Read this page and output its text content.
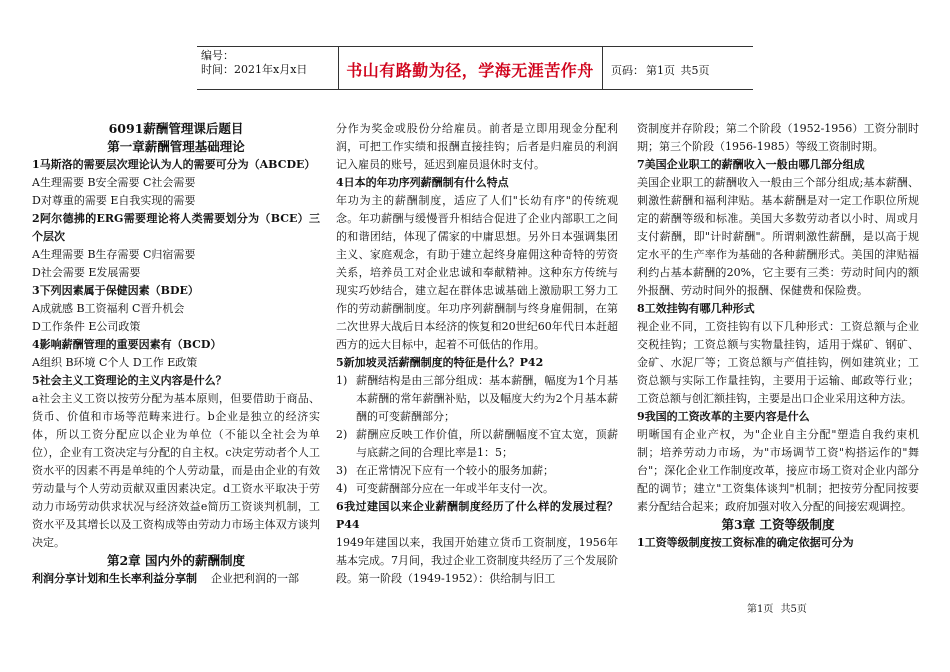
编号：
时间：2021年x月x日	书山有路勤为径，学海无涯苦作舟	页码： 第1页 共5页

6091薪酬管理课后题目

第一章薪酬管理基础理论

1马斯洛的需要层次理论认为人的需要可分为（ABCDE）

A生理需要 B安全需要 C社会需要

D对尊重的需要 E自我实现的需要

2阿尔德拂的ERG需要理论将人类需要划分为（BCE）三个层次

A生理需要 B生存需要 C归宿需要

D社会需要 E发展需要

3下列因素属于保健因素（BDE）

A成就感 B工资福利 C晋升机会

D工作条件 E公司政策

4影响薪酬管理的重要因素有（BCD）

A组织 B环境 C个人 D工作 E政策

5社会主义工资理论的主义内容是什么？

a社会主义工资以按劳分配为基本原则，但要借助于商品、货币、价值和市场等范畴来进行。b企业是独立的经济实体，所以工资分配应以企业为单位（不能以全社会为单位），企业有工资决定与分配的自主权。c决定劳动者个人工资水平的因素不再是单纯的个人劳动量，而是由企业的有效劳动量与个人劳动贡献双重因素决定。d工资水平取决于劳动力市场劳动供求状况与经济效益e简历工资谈判机制，工资水平及其增长以及工资构成等由劳动力市场主体双方谈判决定。

第2章 国内外的薪酬制度

利润分享计划和生长率利益分享制 企业把利润的一部

分作为奖金或股份分给雇员。前者是立即用现金分配利润，可把工作实绩和报酬直接挂钩；后者是归雇员的利润记入雇员的账号，延迟到雇员退休时支付。

4日本的年功序列薪酬制有什么特点

年功为主的薪酬制度，适应了人们"长幼有序"的传统观念。年功薪酬与缓慢晋升相结合促进了企业内部职工之间的和谐团结，体现了儒家的中庸思想。另外日本强调集团主义、家庭观念，有助于建立起终身雇佣这种奇特的劳资关系，培养员工对企业忠诚和奉献精神。这种东方传统与现实巧妙结合，建立起在群体忠诚基础上激励职工努力工作的劳动薪酬制度。年功序列薪酬制与终身雇佣制，在第二次世界大战后日本经济的恢复和20世纪60年代日本赶超西方的远大目标中，起着不可低估的作用。

5新加坡灵活薪酬制度的特征是什么？P42

1) 薪酬结构是由三部分组成：基本薪酬，幅度为1个月基本薪酬的常年薪酬补贴，以及幅度大约为2个月基本薪酬的可变薪酬部分；
2) 薪酬应反映工作价值，所以薪酬幅度不宜太宽，顶薪与底薪之间的合理比率是1：5；
3) 在正常情况下应有一个较小的服务加薪；
4) 可变薪酬部分应在一年或半年支付一次。

6我过建国以来企业薪酬制度经历了什么样的发展过程？ P44

1949年建国以来，我国开始建立货币工资制度，1956年基本完成。7月间，我过企业工资制度共经历了三个发展阶段。第一阶段（1949-1952）：供给制与旧工

资制度并存阶段；第二个阶段（1952-1956）工资分制时期；第三个阶段（1956-1985）等级工资制时期。

7美国企业职工的薪酬收入一般由哪几部分组成

美国企业职工的薪酬收入一般由三个部分组成;基本薪酬、刺激性薪酬和福利津贴。基本薪酬是对一定工作职位所规定的薪酬等级和标准。美国大多数劳动者以小时、周或月支付薪酬，即"计时薪酬"。所谓刺激性薪酬，是以高于规定水平的生产率作为基础的各种薪酬形式。美国的津贴福利约占基本薪酬的20%，它主要有三类：劳动时间内的额外报酬、劳动时间外的报酬、保健费和保险费。

8工效挂钩有哪几种形式

视企业不同，工资挂钩有以下几种形式：工资总额与企业交税挂钩；工资总额与实物量挂钩，适用于煤矿、钢矿、金矿、水泥厂等；工资总额与产值挂钩，例如建筑业；工资总额与实际工作量挂钩，主要用于运输、邮政等行业；工资总额与创汇额挂钩，主要是出口企业采用这种方法。

9我国的工资改革的主要内容是什么

明晰国有企业产权，为"企业自主分配"塑造自我约束机制；培养劳动力市场，为"市场调节工资"构搭运作的"舞台"；深化企业工作制度改革，接应市场工资对企业内部分配的调节；建立"工资集体谈判"机制；把按劳分配同按要素分配结合起来；政府加强对收入分配的间接宏观调控。

第3章 工资等级制度

1工资等级制度按工资标准的确定依据可分为

第1页 共5页
